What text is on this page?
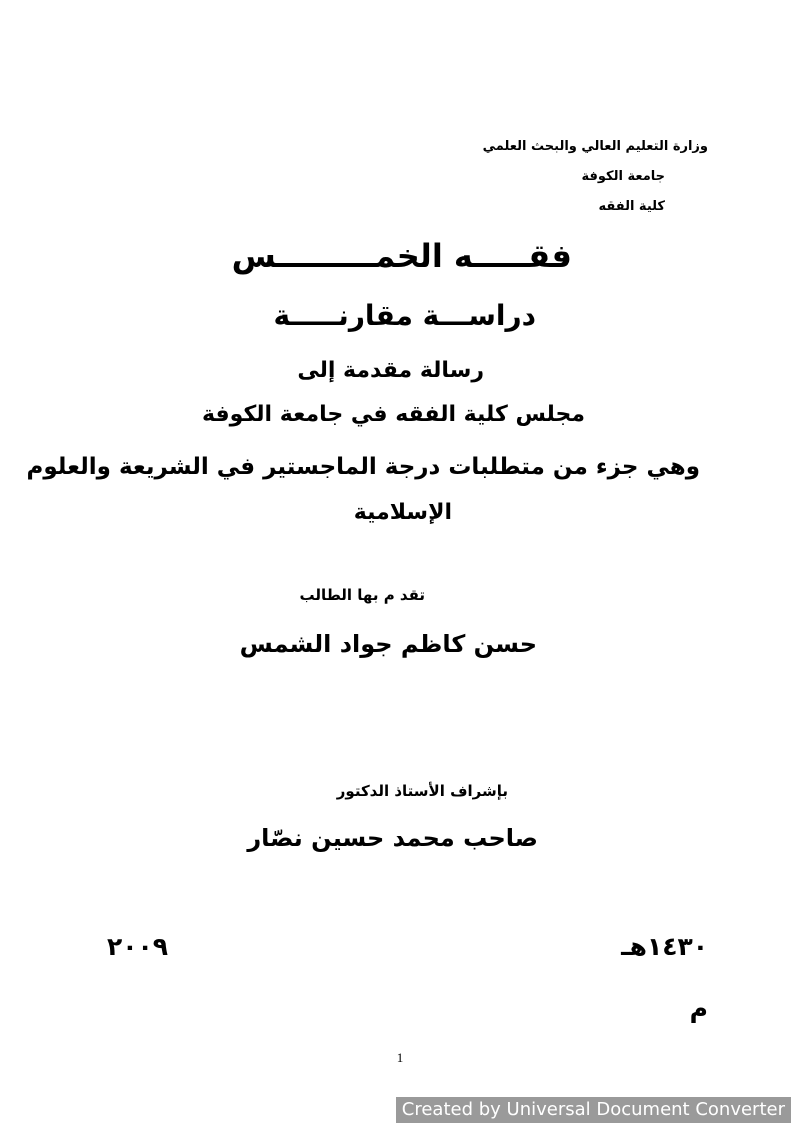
وزارة التعليم العالي والبحث العلمي
جامعة الكوفة
كلية الفقه
فقـــــه الخمـــــــــس
دراســـة مقارنـــــة
رسالة مقدمة إلى
مجلس كلية الفقه في جامعة الكوفة
وهي جزء من متطلبات درجة الماجستير في الشريعة والعلوم
الإسلامية
تقد م بها الطالب
حسن كاظم جواد الشمس
بإشراف الأستاذ الدكتور
صاحب محمد حسين نصّار
١٤٣٠هـ
٢٠٠٩
م
1
Created by Universal Document Converter
